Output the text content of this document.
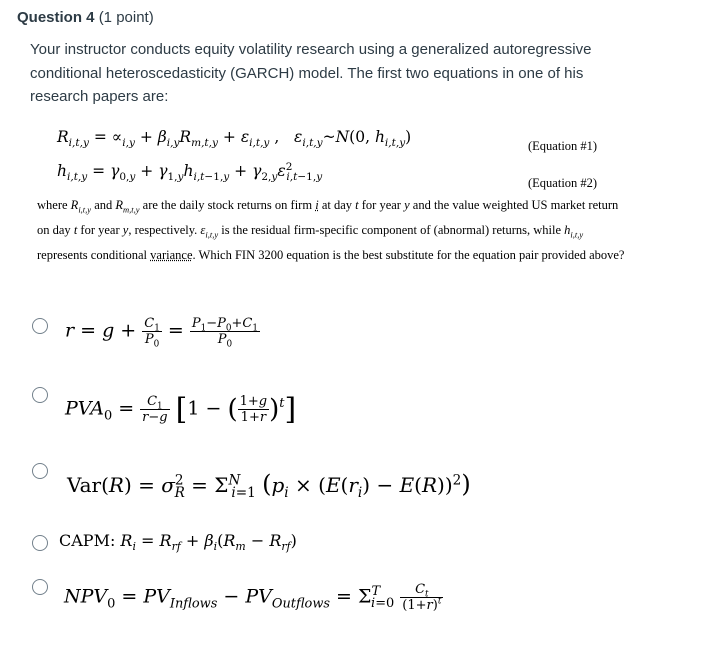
Question 4 (1 point)
Your instructor conducts equity volatility research using a generalized autoregressive conditional heteroscedasticity (GARCH) model. The first two equations in one of his research papers are:
$R_{i,t,y} = \propto_{i,y} + \beta_{i,y}R_{m,t,y} + \varepsilon_{i,t,y}$ ,   $\varepsilon_{i,t,y}\sim N(0$, $h_{i,t,y}$)	(Equation #1)
$h_{i,t,y} = \gamma_{0,y} + \gamma_{1,y}h_{i,t-1,y} + \gamma_{2,y}\varepsilon^2_{i,t-1,y}$	(Equation #2)
where $R_{i,t,y}$ and $R_{m,t,y}$ are the daily stock returns on firm i at day t for year y and the value weighted US market return on day t for year y, respectively. $\varepsilon_{i,t,y}$ is the residual firm-specific component of (abnormal) returns, while $h_{i,t,y}$ represents conditional variance. Which FIN 3200 equation is the best substitute for the equation pair provided above?
$r = g + \frac{C_1}{P_0} = \frac{P_1-P_0+C_1}{P_0}$
$PVA_0 = \frac{C_1}{r-g} [1$ − ( $\frac{1+g}{1+r} )^t$]
$Var(R) = \sigma^2_R = \Sigma^N_{i=1}$ $(p_i \times (E(r_i) - E(R))^2)$
CAPM: $R_i = R_{rf} + \beta_i(R_m - R_{rf})$
$NPV_0 = PV_{Inflows} - PV_{Outflows} = \Sigma^T_{i=0} \frac{C_t}{(1+r)^t}$
